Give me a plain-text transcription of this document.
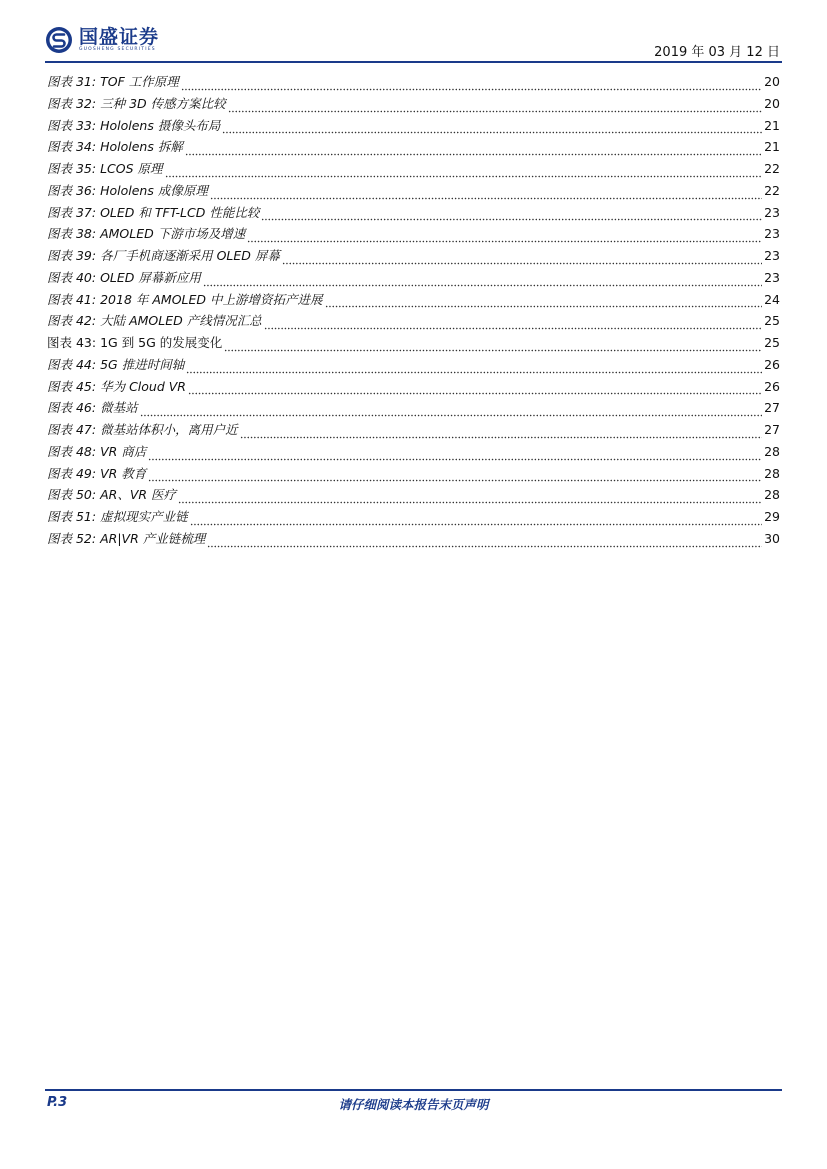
国盛证券
GUOSHENG SECURITIES	2019 年 03 月 12 日
图表 31: TOF 工作原理	20
图表 32: 三种 3D 传感方案比较	20
图表 33: Hololens 摄像头布局	21
图表 34: Hololens 拆解	21
图表 35: LCOS 原理	22
图表 36: Hololens 成像原理	22
图表 37: OLED 和 TFT-LCD 性能比较	23
图表 38: AMOLED 下游市场及增速	23
图表 39: 各厂手机商逐渐采用 OLED 屏幕	23
图表 40: OLED 屏幕新应用	23
图表 41: 2018 年 AMOLED 中上游增资拓产进展	24
图表 42: 大陆 AMOLED 产线情况汇总	25
图表 43: 1G 到 5G 的发展变化	25
图表 44: 5G 推进时间轴	26
图表 45: 华为 Cloud VR	26
图表 46: 微基站	27
图表 47: 微基站体积小，离用户近	27
图表 48: VR 商店	28
图表 49: VR 教育	28
图表 50: AR、VR 医疗	28
图表 51: 虚拟现实产业链	29
图表 52: AR|VR 产业链梳理	30
P.3	请仔细阅读本报告末页声明
